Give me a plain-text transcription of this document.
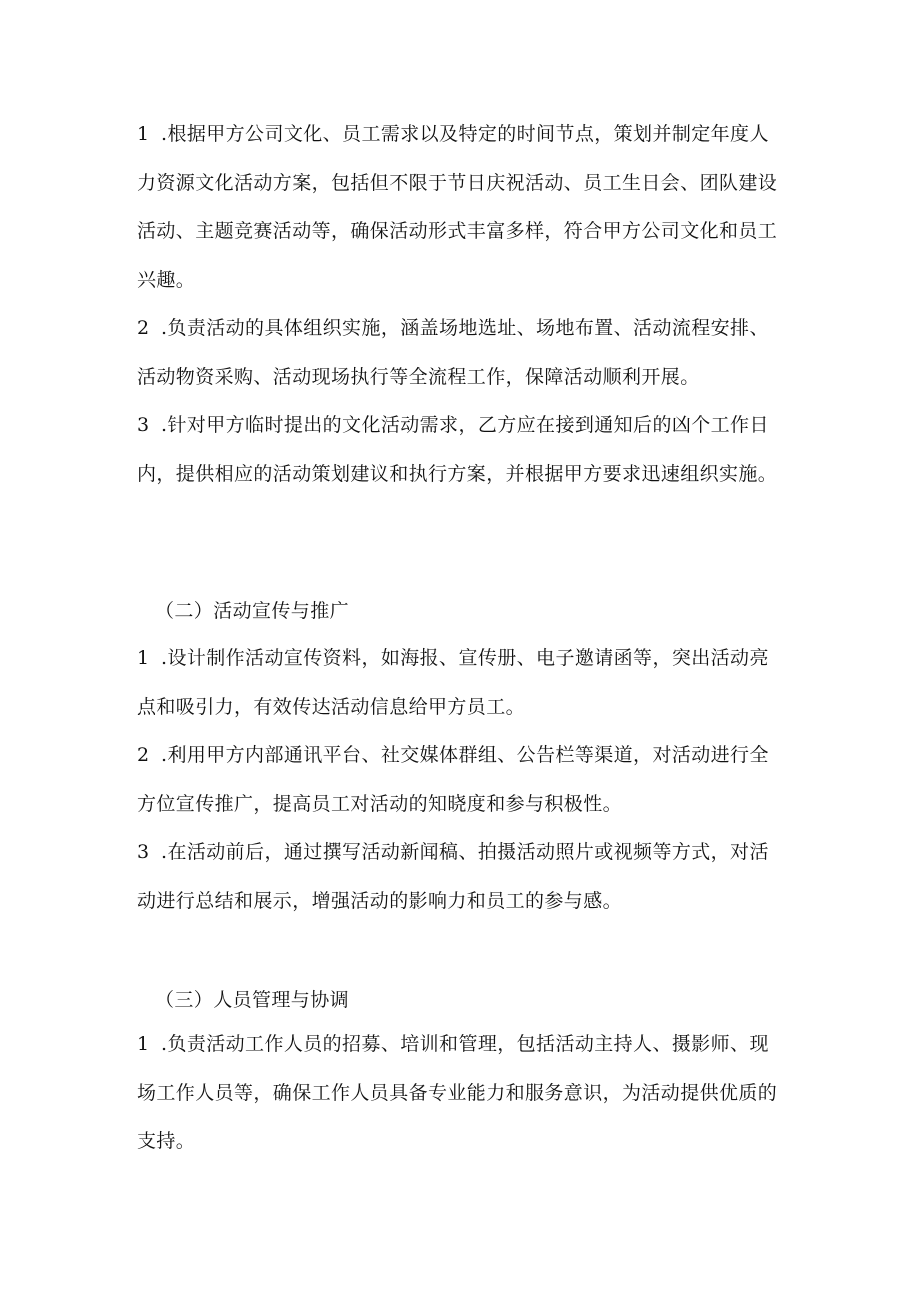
1 .根据甲方公司文化、员工需求以及特定的时间节点，策划并制定年度人力资源文化活动方案，包括但不限于节日庆祝活动、员工生日会、团队建设活动、主题竞赛活动等，确保活动形式丰富多样，符合甲方公司文化和员工兴趣。
2 .负责活动的具体组织实施，涵盖场地选址、场地布置、活动流程安排、活动物资采购、活动现场执行等全流程工作，保障活动顺利开展。
3 .针对甲方临时提出的文化活动需求，乙方应在接到通知后的凶个工作日内，提供相应的活动策划建议和执行方案，并根据甲方要求迅速组织实施。
（二）活动宣传与推广
1 .设计制作活动宣传资料，如海报、宣传册、电子邀请函等，突出活动亮点和吸引力，有效传达活动信息给甲方员工。
2 .利用甲方内部通讯平台、社交媒体群组、公告栏等渠道，对活动进行全方位宣传推广，提高员工对活动的知晓度和参与积极性。
3 .在活动前后，通过撰写活动新闻稿、拍摄活动照片或视频等方式，对活动进行总结和展示，增强活动的影响力和员工的参与感。
（三）人员管理与协调
1 .负责活动工作人员的招募、培训和管理，包括活动主持人、摄影师、现场工作人员等，确保工作人员具备专业能力和服务意识，为活动提供优质的支持。
